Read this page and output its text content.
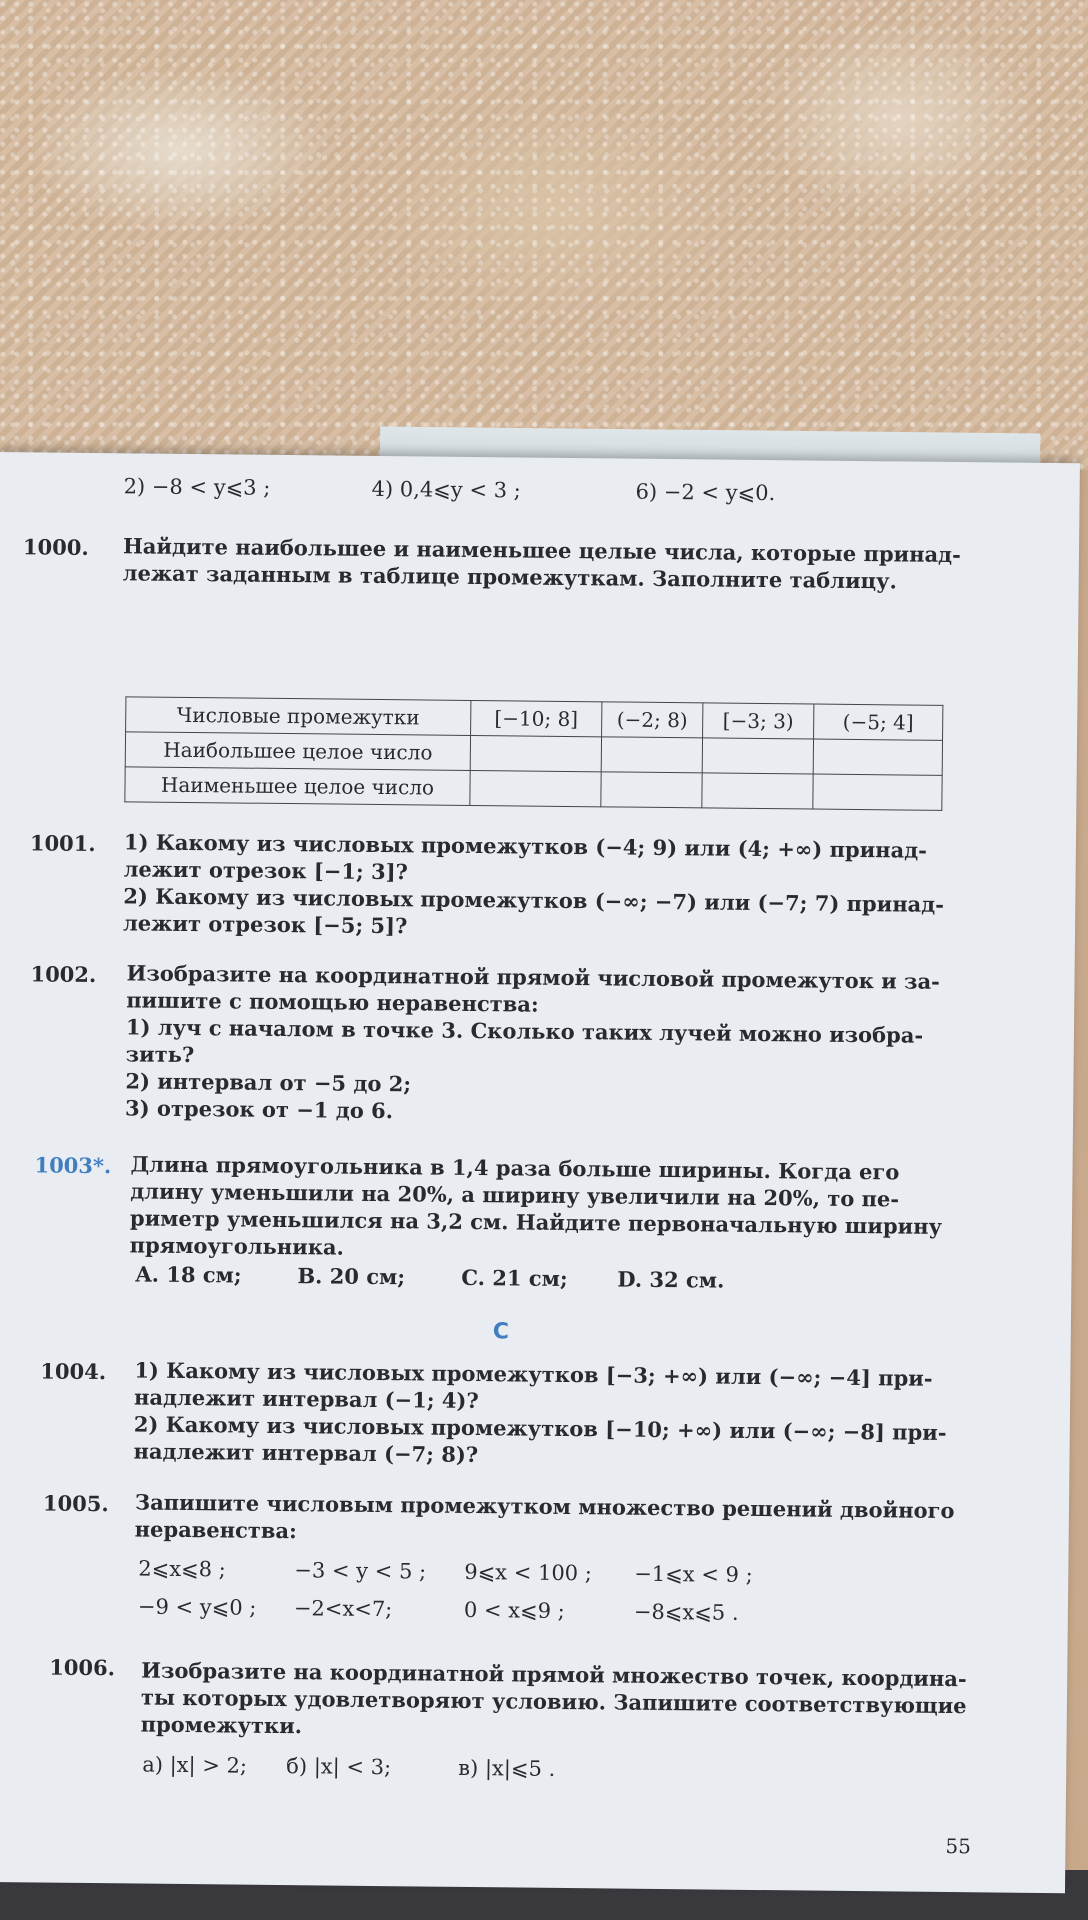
2) −8 < y⩽3 ;	4) 0,4⩽y < 3 ;	6) −2 < y⩽0.
1000. Найдите наибольшее и наименьшее целые числа, которые принад-
лежат заданным в таблице промежуткам. Заполните таблицу.
Числовые промежутки	[−10; 8]	(−2; 8)	[−3; 3)	(−5; 4]
Наибольшее целое число				
Наименьшее целое число				
1001. 1) Какому из числовых промежутков (−4; 9) или (4; +∞) принад-
лежит отрезок [−1; 3]?
2) Какому из числовых промежутков (−∞; −7) или (−7; 7) принад-
лежит отрезок [−5; 5]?
1002. Изобразите на координатной прямой числовой промежуток и за-
пишите с помощью неравенства:
1) луч с началом в точке 3. Сколько таких лучей можно изобра-
зить?
2) интервал от −5 до 2;
3) отрезок от −1 до 6.
1003*. Длина прямоугольника в 1,4 раза больше ширины. Когда его
длину уменьшили на 20%, а ширину увеличили на 20%, то пе-
риметр уменьшился на 3,2 см. Найдите первоначальную ширину
прямоугольника.
A. 18 см;	B. 20 см;	C. 21 см; D. 32 см.
C
1004. 1) Какому из числовых промежутков [−3; +∞) или (−∞; −4] при-
надлежит интервал (−1; 4)?
2) Какому из числовых промежутков [−10; +∞) или (−∞; −8] при-
надлежит интервал (−7; 8)?
1005. Запишите числовым промежутком множество решений двойного
неравенства:
2⩽x⩽8 ;	−3 < y < 5 ; 9⩽x < 100 ; −1⩽x < 9 ;
−9 < y⩽0 ; −2<x<7;	0 < x⩽9 ;	−8⩽x⩽5 .
1006. Изобразите на координатной прямой множество точек, координа-
ты которых удовлетворяют условию. Запишите соответствующие
промежутки.
а) |x| > 2; б) |x| < 3;	в) |x|⩽5 .
55
